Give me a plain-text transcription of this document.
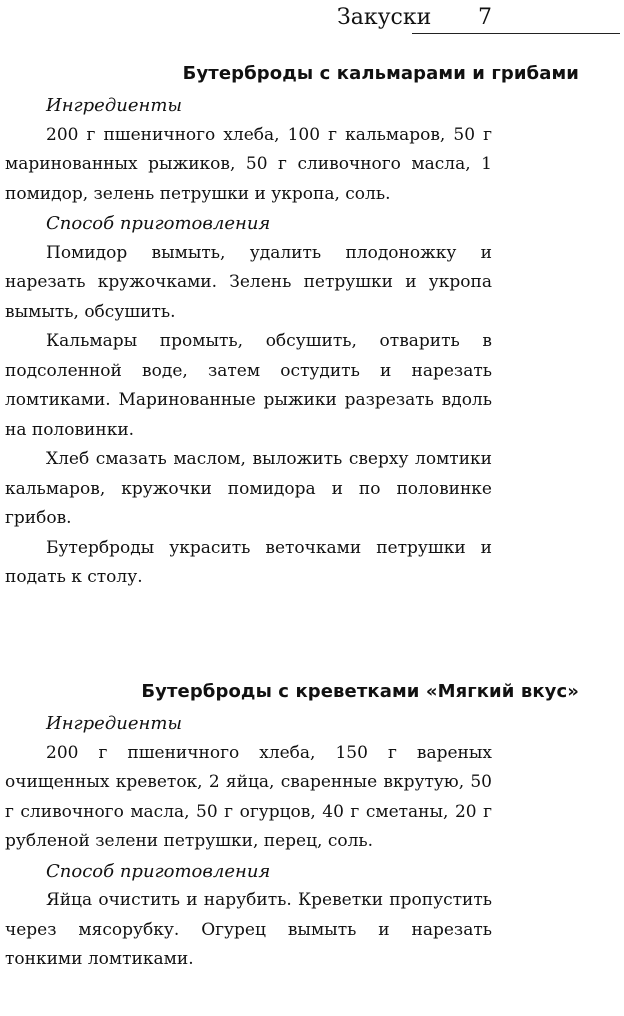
Закуски 7
Бутерброды с кальмарами и грибами

Ингредиенты

200 г пшеничного хлеба, 100 г кальмаров, 50 г маринованных рыжиков, 50 г сливочного масла, 1 помидор, зелень петрушки и укропа, соль.

Способ приготовления

Помидор вымыть, удалить плодоножку и нарезать кружочками. Зелень петрушки и укропа вымыть, обсушить.

Кальмары промыть, обсушить, отварить в подсоленной воде, затем остудить и нарезать ломтиками. Маринованные рыжики разрезать вдоль на половинки.

Хлеб смазать маслом, выложить сверху ломтики кальмаров, кружочки помидора и по половинке грибов.

Бутерброды украсить веточками петрушки и подать к столу.

Бутерброды с креветками «Мягкий вкус»

Ингредиенты

200 г пшеничного хлеба, 150 г вареных очищенных креветок, 2 яйца, сваренные вкрутую, 50 г сливочного масла, 50 г огурцов, 40 г сметаны, 20 г рубленой зелени петрушки, перец, соль.

Способ приготовления

Яйца очистить и нарубить. Креветки пропустить через мясорубку. Огурец вымыть и нарезать тонкими ломтиками.
